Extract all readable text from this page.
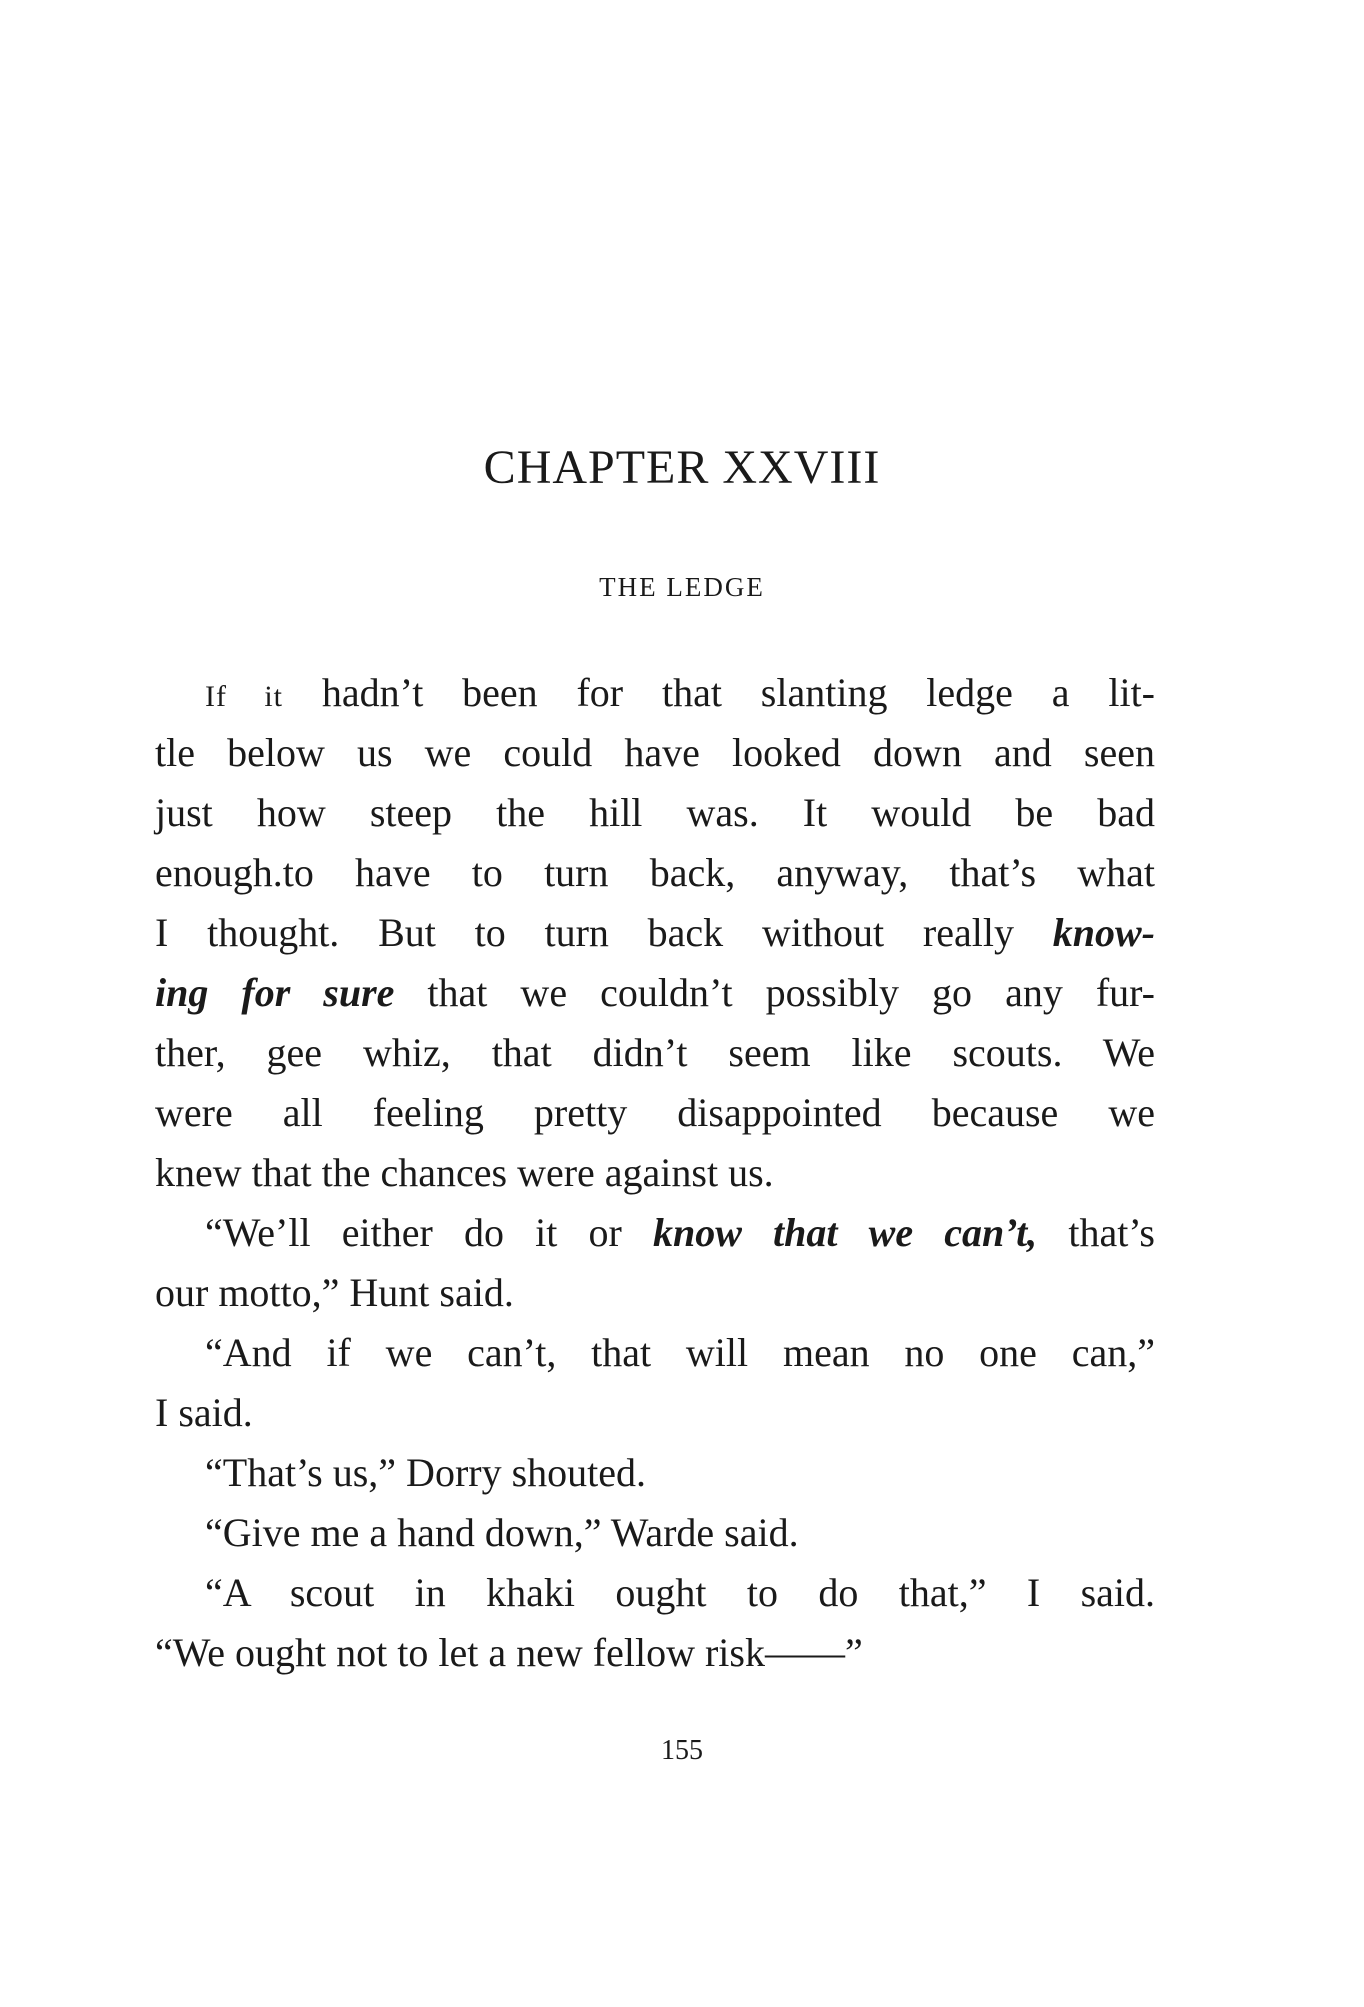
CHAPTER XXVIII
THE LEDGE
If it hadn’t been for that slanting ledge a lit-
tle below us we could have looked down and seen
just how steep the hill was. It would be bad
enough.to have to turn back, anyway, that’s what
I thought. But to turn back without really know-
ing for sure that we couldn’t possibly go any fur-
ther, gee whiz, that didn’t seem like scouts. We
were all feeling pretty disappointed because we
knew that the chances were against us.
“We’ll either do it or know that we can’t, that’s
our motto,” Hunt said.
“And if we can’t, that will mean no one can,”
I said.
“That’s us,” Dorry shouted.
“Give me a hand down,” Warde said.
“A scout in khaki ought to do that,” I said.
“We ought not to let a new fellow risk——”
155
